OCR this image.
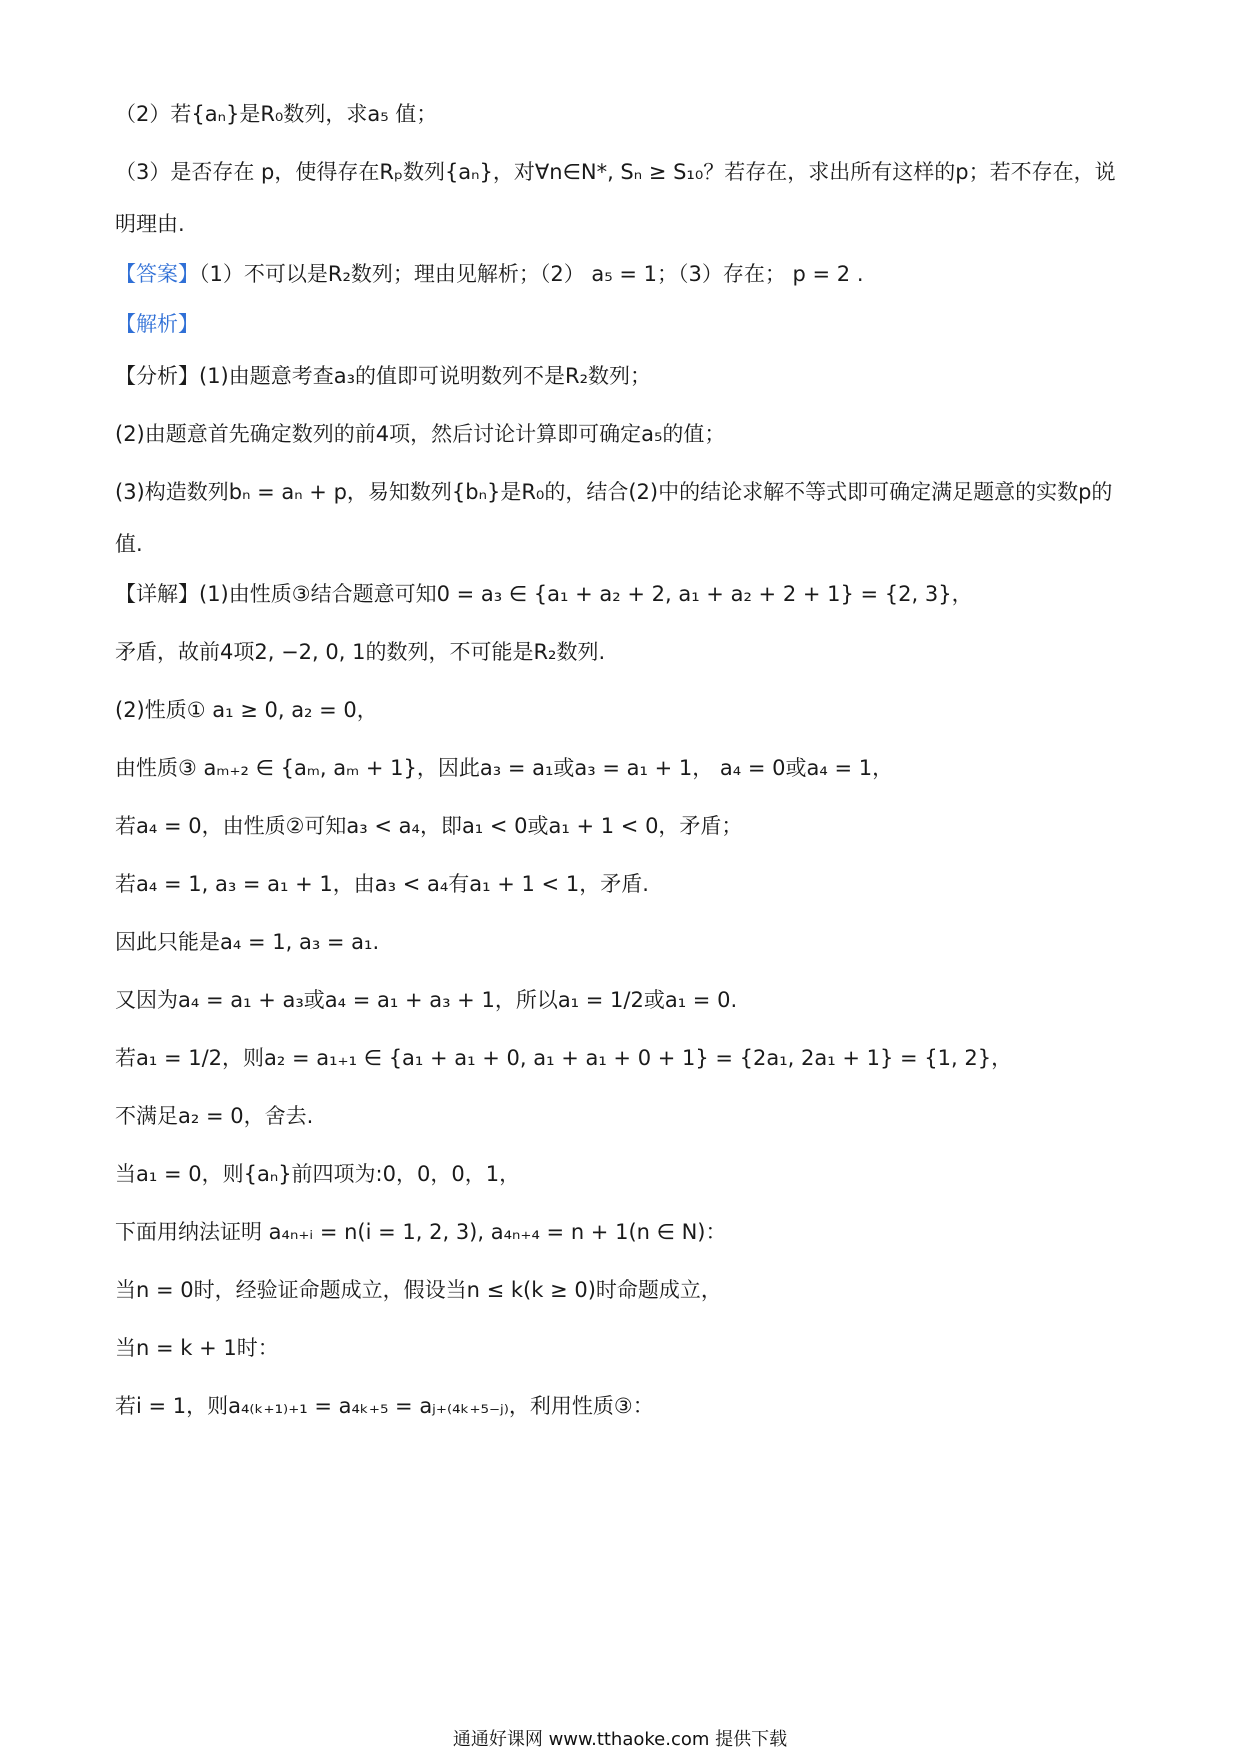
（2）若{aₙ}是R₀数列，求a₅ 值；
（3）是否存在 p，使得存在Rₚ数列{aₙ}，对∀n∈N*, Sₙ ≥ S₁₀？若存在，求出所有这样的p；若不存在，说
明理由.
【答案】（1）不可以是R₂数列；理由见解析；（2） a₅ = 1；（3）存在； p = 2 .
【解析】
【分析】(1)由题意考查a₃的值即可说明数列不是R₂数列；
(2)由题意首先确定数列的前4项，然后讨论计算即可确定a₅的值；
(3)构造数列bₙ = aₙ + p，易知数列{bₙ}是R₀的，结合(2)中的结论求解不等式即可确定满足题意的实数p的
值.
【详解】(1)由性质③结合题意可知0 = a₃ ∈ {a₁ + a₂ + 2, a₁ + a₂ + 2 + 1} = {2, 3}，
矛盾，故前4项2, −2, 0, 1的数列，不可能是R₂数列.
(2)性质① a₁ ≥ 0, a₂ = 0，
由性质③ aₘ₊₂ ∈ {aₘ, aₘ + 1}，因此a₃ = a₁或a₃ = a₁ + 1， a₄ = 0或a₄ = 1，
若a₄ = 0，由性质②可知a₃ < a₄，即a₁ < 0或a₁ + 1 < 0，矛盾；
若a₄ = 1, a₃ = a₁ + 1，由a₃ < a₄有a₁ + 1 < 1，矛盾.
因此只能是a₄ = 1, a₃ = a₁.
又因为a₄ = a₁ + a₃或a₄ = a₁ + a₃ + 1，所以a₁ = 1/2或a₁ = 0.
若a₁ = 1/2，则a₂ = a₁₊₁ ∈ {a₁ + a₁ + 0, a₁ + a₁ + 0 + 1} = {2a₁, 2a₁ + 1} = {1, 2}，
不满足a₂ = 0，舍去.
当a₁ = 0，则{aₙ}前四项为:0，0，0，1，
下面用纳法证明 a₄ₙ₊ᵢ = n(i = 1, 2, 3), a₄ₙ₊₄ = n + 1(n ∈ N)：
当n = 0时，经验证命题成立，假设当n ≤ k(k ≥ 0)时命题成立，
当n = k + 1时：
若i = 1，则a₄₍ₖ₊₁₎₊₁ = a₄ₖ₊₅ = aⱼ₊₍₄ₖ₊₅₋ⱼ₎，利用性质③：
通通好课网 www.tthaoke.com 提供下载
